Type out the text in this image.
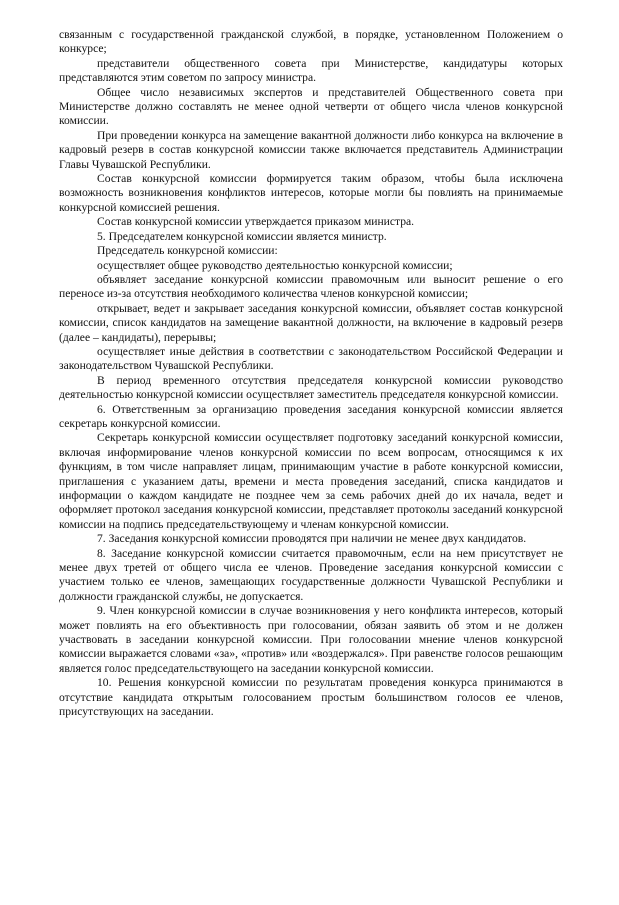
связанным с государственной гражданской службой, в порядке, установленном Положением о конкурсе;

представители общественного совета при Министерстве, кандидатуры которых представляются этим советом по запросу министра.

Общее число независимых экспертов и представителей Общественного совета при Министерстве должно составлять не менее одной четверти от общего числа членов конкурсной комиссии.

При проведении конкурса на замещение вакантной должности либо конкурса на включение в кадровый резерв в состав конкурсной комиссии также включается представитель Администрации Главы Чувашской Республики.

Состав конкурсной комиссии формируется таким образом, чтобы была исключена возможность возникновения конфликтов интересов, которые могли бы повлиять на принимаемые конкурсной комиссией решения.

Состав конкурсной комиссии утверждается приказом министра.

5. Председателем конкурсной комиссии является министр.

Председатель конкурсной комиссии:

осуществляет общее руководство деятельностью конкурсной комиссии;

объявляет заседание конкурсной комиссии правомочным или выносит решение о его переносе из-за отсутствия необходимого количества членов конкурсной комиссии;

открывает, ведет и закрывает заседания конкурсной комиссии, объявляет состав конкурсной комиссии, список кандидатов на замещение вакантной должности, на включение в кадровый резерв (далее – кандидаты), перерывы;

осуществляет иные действия в соответствии с законодательством Российской Федерации и законодательством Чувашской Республики.

В период временного отсутствия председателя конкурсной комиссии руководство деятельностью конкурсной комиссии осуществляет заместитель председателя конкурсной комиссии.

6. Ответственным за организацию проведения заседания конкурсной комиссии является секретарь конкурсной комиссии.

Секретарь конкурсной комиссии осуществляет подготовку заседаний конкурсной комиссии, включая информирование членов конкурсной комиссии по всем вопросам, относящимся к их функциям, в том числе направляет лицам, принимающим участие в работе конкурсной комиссии, приглашения с указанием даты, времени и места проведения заседаний, списка кандидатов и информации о каждом кандидате не позднее чем за семь рабочих дней до их начала, ведет и оформляет протокол заседания конкурсной комиссии, представляет протоколы заседаний конкурсной комиссии на подпись председательствующему и членам конкурсной комиссии.

7. Заседания конкурсной комиссии проводятся при наличии не менее двух кандидатов.

8. Заседание конкурсной комиссии считается правомочным, если на нем присутствует не менее двух третей от общего числа ее членов. Проведение заседания конкурсной комиссии с участием только ее членов, замещающих государственные должности Чувашской Республики и должности гражданской службы, не допускается.

9. Член конкурсной комиссии в случае возникновения у него конфликта интересов, который может повлиять на его объективность при голосовании, обязан заявить об этом и не должен участвовать в заседании конкурсной комиссии. При голосовании мнение членов конкурсной комиссии выражается словами «за», «против» или «воздержался». При равенстве голосов решающим является голос председательствующего на заседании конкурсной комиссии.

10. Решения конкурсной комиссии по результатам проведения конкурса принимаются в отсутствие кандидата открытым голосованием простым большинством голосов ее членов, присутствующих на заседании.
